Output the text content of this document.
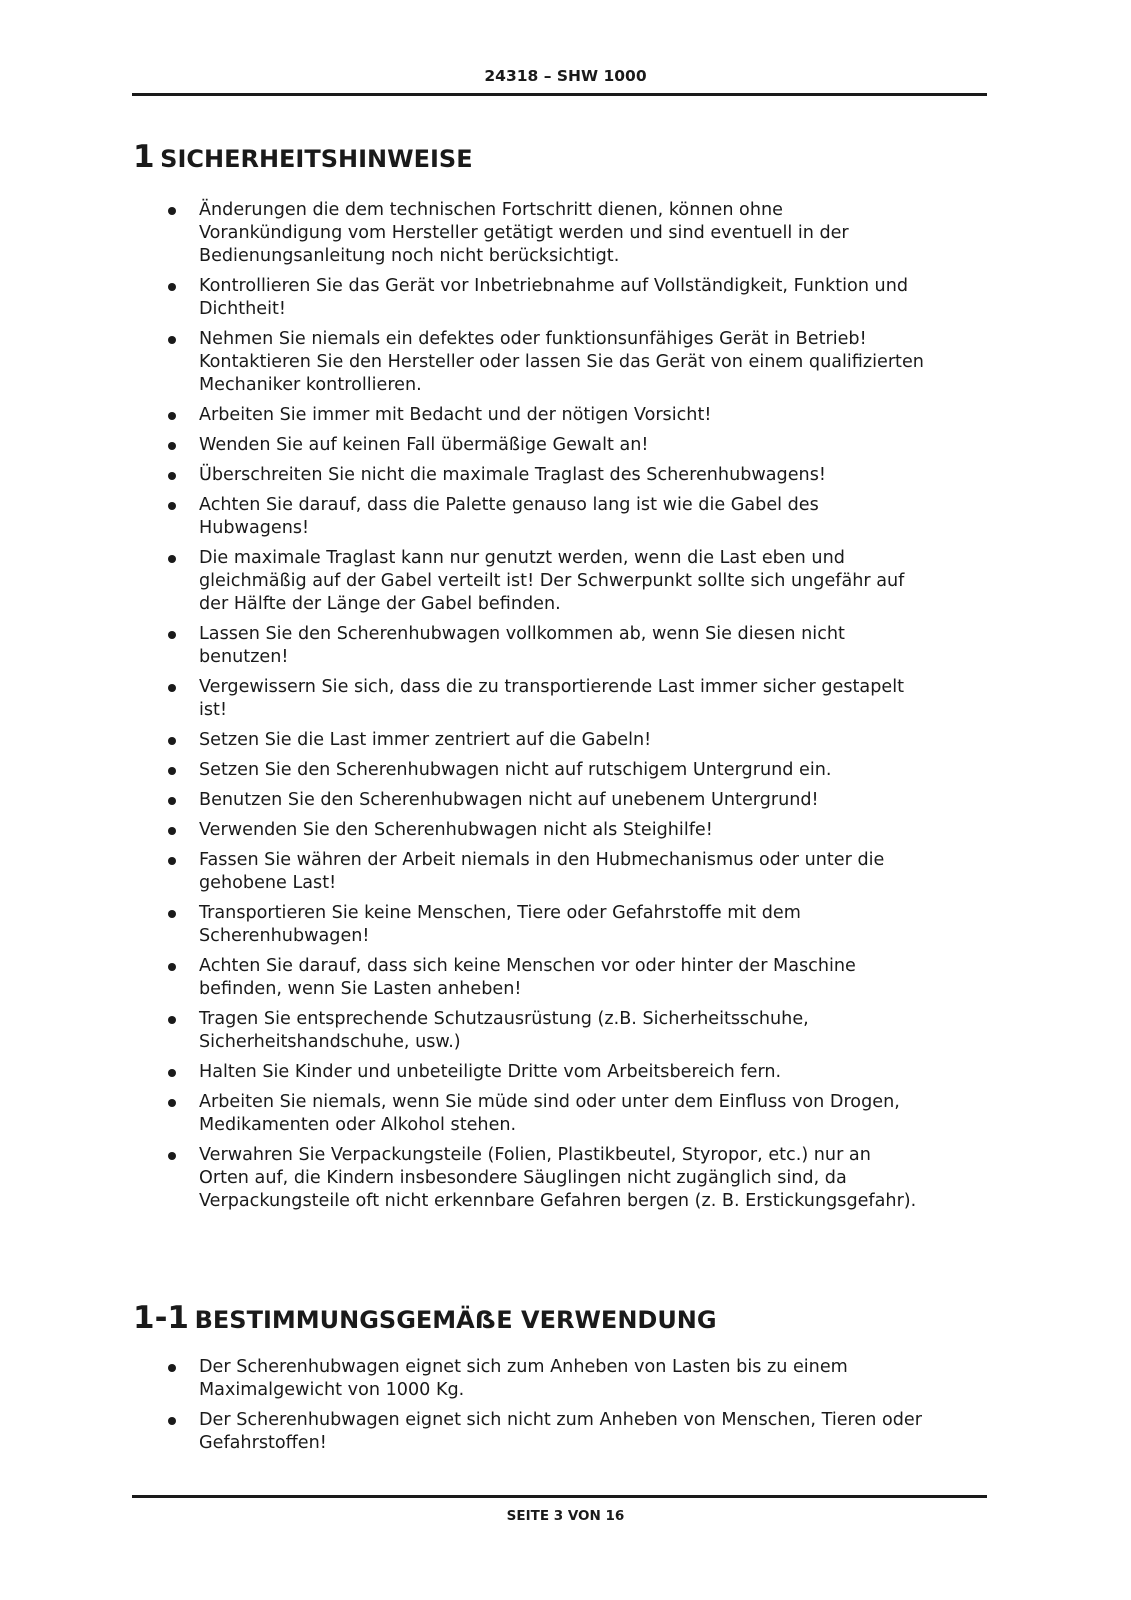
24318 – SHW 1000
1 SICHERHEITSHINWEISE
Änderungen die dem technischen Fortschritt dienen, können ohne
Vorankündigung vom Hersteller getätigt werden und sind eventuell in der
Bedienungsanleitung noch nicht berücksichtigt.
Kontrollieren Sie das Gerät vor Inbetriebnahme auf Vollständigkeit, Funktion und
Dichtheit!
Nehmen Sie niemals ein defektes oder funktionsunfähiges Gerät in Betrieb!
Kontaktieren Sie den Hersteller oder lassen Sie das Gerät von einem qualifizierten
Mechaniker kontrollieren.
Arbeiten Sie immer mit Bedacht und der nötigen Vorsicht!
Wenden Sie auf keinen Fall übermäßige Gewalt an!
Überschreiten Sie nicht die maximale Traglast des Scherenhubwagens!
Achten Sie darauf, dass die Palette genauso lang ist wie die Gabel des
Hubwagens!
Die maximale Traglast kann nur genutzt werden, wenn die Last eben und
gleichmäßig auf der Gabel verteilt ist! Der Schwerpunkt sollte sich ungefähr auf
der Hälfte der Länge der Gabel befinden.
Lassen Sie den Scherenhubwagen vollkommen ab, wenn Sie diesen nicht
benutzen!
Vergewissern Sie sich, dass die zu transportierende Last immer sicher gestapelt
ist!
Setzen Sie die Last immer zentriert auf die Gabeln!
Setzen Sie den Scherenhubwagen nicht auf rutschigem Untergrund ein.
Benutzen Sie den Scherenhubwagen nicht auf unebenem Untergrund!
Verwenden Sie den Scherenhubwagen nicht als Steighilfe!
Fassen Sie währen der Arbeit niemals in den Hubmechanismus oder unter die
gehobene Last!
Transportieren Sie keine Menschen, Tiere oder Gefahrstoffe mit dem
Scherenhubwagen!
Achten Sie darauf, dass sich keine Menschen vor oder hinter der Maschine
befinden, wenn Sie Lasten anheben!
Tragen Sie entsprechende Schutzausrüstung (z.B. Sicherheitsschuhe,
Sicherheitshandschuhe, usw.)
Halten Sie Kinder und unbeteiligte Dritte vom Arbeitsbereich fern.
Arbeiten Sie niemals, wenn Sie müde sind oder unter dem Einfluss von Drogen,
Medikamenten oder Alkohol stehen.
Verwahren Sie Verpackungsteile (Folien, Plastikbeutel, Styropor, etc.) nur an
Orten auf, die Kindern insbesondere Säuglingen nicht zugänglich sind, da
Verpackungsteile oft nicht erkennbare Gefahren bergen (z. B. Erstickungsgefahr).
1-1 BESTIMMUNGSGEMÄẞE VERWENDUNG
Der Scherenhubwagen eignet sich zum Anheben von Lasten bis zu einem
Maximalgewicht von 1000 Kg.
Der Scherenhubwagen eignet sich nicht zum Anheben von Menschen, Tieren oder
Gefahrstoffen!
SEITE 3 VON 16
